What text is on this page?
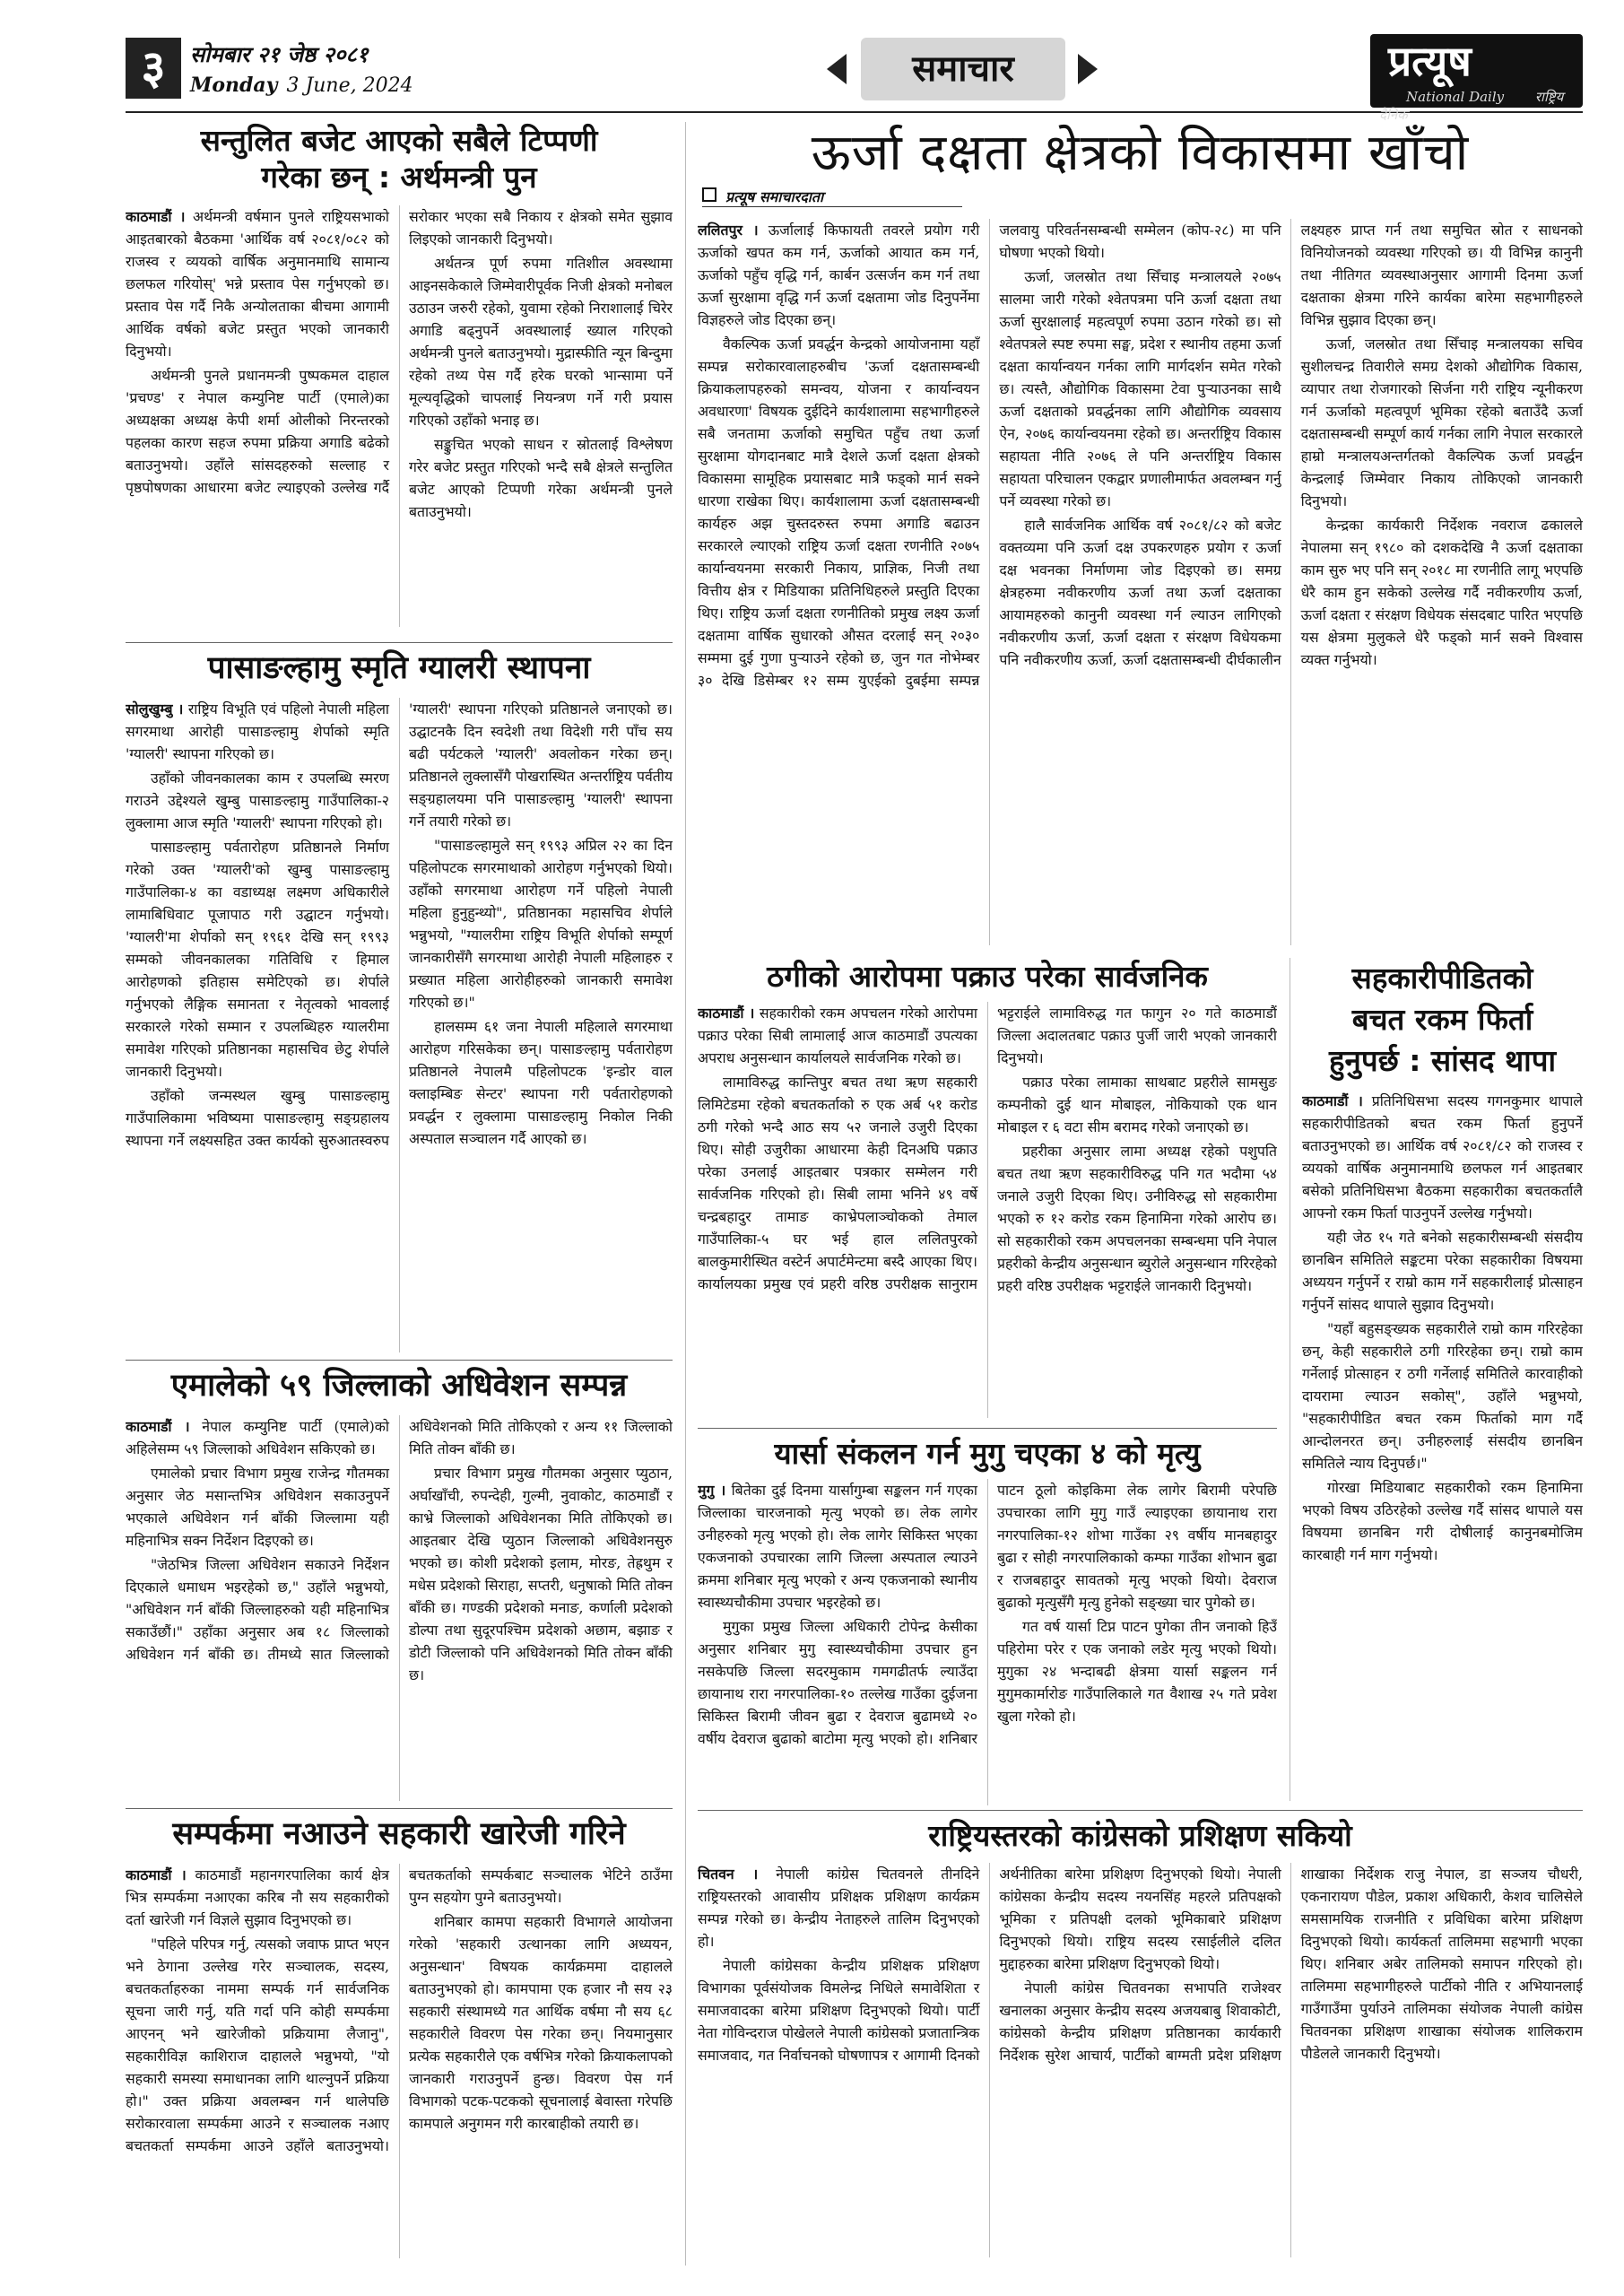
३	सोमबार २१ जेष्ठ २०८१
Monday 3 June, 2024	समाचार	प्रत्यूष
National Daily राष्ट्रिय दैनिक
सन्तुलित बजेट आएको सबैले टिप्पणी
गरेका छन् : अर्थमन्त्री पुन

काठमाडौं । अर्थमन्त्री वर्षमान पुनले राष्ट्रियसभाको आइतबारको बैठकमा 'आर्थिक वर्ष २०८१/०८२ को राजस्व र व्ययको वार्षिक अनुमानमाथि सामान्य छलफल गरियोस्' भन्ने प्रस्ताव पेस गर्नुभएको छ। प्रस्ताव पेस गर्दै निकै अन्योलताका बीचमा आगामी आर्थिक वर्षको बजेट प्रस्तुत भएको जानकारी दिनुभयो।

अर्थमन्त्री पुनले प्रधानमन्त्री पुष्पकमल दाहाल 'प्रचण्ड' र नेपाल कम्युनिष्ट पार्टी (एमाले)का अध्यक्षका अध्यक्ष केपी शर्मा ओलीको निरन्तरको पहलका कारण सहज रुपमा प्रक्रिया अगाडि बढेको बताउनुभयो। उहाँले सांसदहरुको सल्लाह र पृष्ठपोषणका आधारमा बजेट ल्याइएको उल्लेख गर्दै सरोकार भएका सबै निकाय र क्षेत्रको समेत सुझाव लिइएको जानकारी दिनुभयो।

अर्थतन्त्र पूर्ण रुपमा गतिशील अवस्थामा आइनसकेकाले जिम्मेवारीपूर्वक निजी क्षेत्रको मनोबल उठाउन जरुरी रहेको, युवामा रहेको निराशालाई चिरेर अगाडि बढ्नुपर्ने अवस्थालाई ख्याल गरिएको अर्थमन्त्री पुनले बताउनुभयो। मुद्रास्फीति न्यून बिन्दुमा रहेको तथ्य पेस गर्दै हरेक घरको भान्सामा पर्ने मूल्यवृद्धिको चापलाई नियन्त्रण गर्ने गरी प्रयास गरिएको उहाँको भनाइ छ।

सङ्कुचित भएको साधन र स्रोतलाई विश्लेषण गरेर बजेट प्रस्तुत गरिएको भन्दै सबै क्षेत्रले सन्तुलित बजेट आएको टिप्पणी गरेका अर्थमन्त्री पुनले बताउनुभयो।

पासाङल्हामु स्मृति ग्यालरी स्थापना

सोलुखुम्बु । राष्ट्रिय विभूति एवं पहिलो नेपाली महिला सगरमाथा आरोही पासाङल्हामु शेर्पाको स्मृति 'ग्यालरी' स्थापना गरिएको छ।

उहाँको जीवनकालका काम र उपलब्धि स्मरण गराउने उद्देश्यले खुम्बु पासाङल्हामु गाउँपालिका-२ लुक्लामा आज स्मृति 'ग्यालरी' स्थापना गरिएको हो।

पासाङल्हामु पर्वतारोहण प्रतिष्ठानले निर्माण गरेको उक्त 'ग्यालरी'को खुम्बु पासाङल्हामु गाउँपालिका-४ का वडाध्यक्ष लक्ष्मण अधिकारीले लामाबिधिवाट पूजापाठ गरी उद्घाटन गर्नुभयो। 'ग्यालरी'मा शेर्पाको सन् १९६१ देखि सन् १९९३ सम्मको जीवनकालका गतिविधि र हिमाल आरोहणको इतिहास समेटिएको छ। शेर्पाले गर्नुभएको लैङ्गिक समानता र नेतृत्वको भावलाई सरकारले गरेको सम्मान र उपलब्धिहरु ग्यालरीमा समावेश गरिएको प्रतिष्ठानका महासचिव छेटु शेर्पाले जानकारी दिनुभयो।

उहाँको जन्मस्थल खुम्बु पासाङल्हामु गाउँपालिकामा भविष्यमा पासाङल्हामु सङ्ग्रहालय स्थापना गर्ने लक्ष्यसहित उक्त कार्यको सुरुआतस्वरुप 'ग्यालरी' स्थापना गरिएको प्रतिष्ठानले जनाएको छ। उद्घाटनकै दिन स्वदेशी तथा विदेशी गरी पाँच सय बढी पर्यटकले 'ग्यालरी' अवलोकन गरेका छन्। प्रतिष्ठानले लुक्लासँगै पोखरास्थित अन्तर्राष्ट्रिय पर्वतीय सङ्ग्रहालयमा पनि पासाङल्हामु 'ग्यालरी' स्थापना गर्ने तयारी गरेको छ।

"पासाङल्हामुले सन् १९९३ अप्रिल २२ का दिन पहिलोपटक सगरमाथाको आरोहण गर्नुभएको थियो। उहाँको सगरमाथा आरोहण गर्ने पहिलो नेपाली महिला हुनुहुन्थ्यो", प्रतिष्ठानका महासचिव शेर्पाले भन्नुभयो, "ग्यालरीमा राष्ट्रिय विभूति शेर्पाको सम्पूर्ण जानकारीसँगै सगरमाथा आरोही नेपाली महिलाहरु र प्रख्यात महिला आरोहीहरुको जानकारी समावेश गरिएको छ।"

हालसम्म ६१ जना नेपाली महिलाले सगरमाथा आरोहण गरिसकेका छन्। पासाङल्हामु पर्वतारोहण प्रतिष्ठानले नेपालमै पहिलोपटक 'इन्डोर वाल क्लाइम्बिङ सेन्टर' स्थापना गरी पर्वतारोहणको प्रवर्द्धन र लुक्लामा पासाङल्हामु निकोल निकी अस्पताल सञ्चालन गर्दै आएको छ।

एमालेको ५९ जिल्लाको अधिवेशन सम्पन्न

काठमाडौं । नेपाल कम्युनिष्ट पार्टी (एमाले)को अहिलेसम्म ५९ जिल्लाको अधिवेशन सकिएको छ।

एमालेको प्रचार विभाग प्रमुख राजेन्द्र गौतमका अनुसार जेठ मसान्तभित्र अधिवेशन सकाउनुपर्ने भएकाले अधिवेशन गर्न बाँकी जिल्लामा यही महिनाभित्र सक्न निर्देशन दिइएको छ।

"जेठभित्र जिल्ला अधिवेशन सकाउने निर्देशन दिएकाले धमाधम भइरहेको छ," उहाँले भन्नुभयो, "अधिवेशन गर्न बाँकी जिल्लाहरुको यही महिनाभित्र सकाउँछौं।" उहाँका अनुसार अब १८ जिल्लाको अधिवेशन गर्न बाँकी छ। तीमध्ये सात जिल्लाको अधिवेशनको मिति तोकिएको र अन्य ११ जिल्लाको मिति तोक्न बाँकी छ।

प्रचार विभाग प्रमुख गौतमका अनुसार प्युठान, अर्घाखाँची, रुपन्देही, गुल्मी, नुवाकोट, काठमाडौं र काभ्रे जिल्लाको अधिवेशनका मिति तोकिएको छ। आइतबार देखि प्युठान जिल्लाको अधिवेशनसुरु भएको छ। कोशी प्रदेशको इलाम, मोरङ, तेह्रथुम र मधेस प्रदेशको सिराहा, सप्तरी, धनुषाको मिति तोक्न बाँकी छ। गण्डकी प्रदेशको मनाङ, कर्णाली प्रदेशको डोल्पा तथा सुदूरपश्चिम प्रदेशको अछाम, बझाङ र डोटी जिल्लाको पनि अधिवेशनको मिति तोक्न बाँकी छ।

सम्पर्कमा नआउने सहकारी खारेजी गरिने

काठमाडौं । काठमाडौं महानगरपालिका कार्य क्षेत्र भित्र सम्पर्कमा नआएका करिब नौ सय सहकारीको दर्ता खारेजी गर्न विज्ञले सुझाव दिनुभएको छ।

"पहिले परिपत्र गर्नु, त्यसको जवाफ प्राप्त भएन भने ठेगाना उल्लेख गरेर सञ्चालक, सदस्य, बचतकर्ताहरुका नाममा सम्पर्क गर्न सार्वजनिक सूचना जारी गर्नु, यति गर्दा पनि कोही सम्पर्कमा आएनन् भने खारेजीको प्रक्रियामा लैजानु", सहकारीविज्ञ काशिराज दाहालले भन्नुभयो, "यो सहकारी समस्या समाधानका लागि थाल्नुपर्ने प्रक्रिया हो।" उक्त प्रक्रिया अवलम्बन गर्न थालेपछि सरोकारवाला सम्पर्कमा आउने र सञ्चालक नआए बचतकर्ता सम्पर्कमा आउने उहाँले बताउनुभयो। बचतकर्ताको सम्पर्कबाट सञ्चालक भेटिने ठाउँमा पुग्न सहयोग पुग्ने बताउनुभयो।

शनिबार कामपा सहकारी विभागले आयोजना गरेको 'सहकारी उत्थानका लागि अध्ययन, अनुसन्धान' विषयक कार्यक्रममा दाहालले बताउनुभएको हो। कामपामा एक हजार नौ सय २३ सहकारी संस्थामध्ये गत आर्थिक वर्षमा नौ सय ६८ सहकारीले विवरण पेस गरेका छन्। नियमानुसार प्रत्येक सहकारीले एक वर्षभित्र गरेको क्रियाकलापको जानकारी गराउनुपर्ने हुन्छ। विवरण पेस गर्न विभागको पटक-पटकको सूचनालाई बेवास्ता गरेपछि कामपाले अनुगमन गरी कारबाहीको तयारी छ।

ऊर्जा दक्षता क्षेत्रको विकासमा खाँचो

ललितपुर । ऊर्जालाई किफायती तवरले प्रयोग गरी ऊर्जाको खपत कम गर्न, ऊर्जाको आयात कम गर्न, ऊर्जाको पहुँच वृद्धि गर्न, कार्बन उत्सर्जन कम गर्न तथा ऊर्जा सुरक्षामा वृद्धि गर्न ऊर्जा दक्षतामा जोड दिनुपर्नेमा विज्ञहरुले जोड दिएका छन्।

वैकल्पिक ऊर्जा प्रवर्द्धन केन्द्रको आयोजनामा यहाँ सम्पन्न सरोकारवालाहरुबीच 'ऊर्जा दक्षतासम्बन्धी क्रियाकलापहरुको समन्वय, योजना र कार्यान्वयन अवधारणा' विषयक दुईदिने कार्यशालामा सहभागीहरुले सबै जनतामा ऊर्जाको समुचित पहुँच तथा ऊर्जा सुरक्षामा योगदानबाट मात्रै देशले ऊर्जा दक्षता क्षेत्रको विकासमा सामूहिक प्रयासबाट मात्रै फड्को मार्न सक्ने धारणा राखेका थिए। कार्यशालामा ऊर्जा दक्षतासम्बन्धी कार्यहरु अझ चुस्तदरुस्त रुपमा अगाडि बढाउन सरकारले ल्याएको राष्ट्रिय ऊर्जा दक्षता रणनीति २०७५ कार्यान्वयनमा सरकारी निकाय, प्राज्ञिक, निजी तथा वित्तीय क्षेत्र र मिडियाका प्रतिनिधिहरुले प्रस्तुति दिएका थिए। राष्ट्रिय ऊर्जा दक्षता रणनीतिको प्रमुख लक्ष्य ऊर्जा दक्षतामा वार्षिक सुधारको औसत दरलाई सन् २०३० सम्ममा दुई गुणा पुऱ्याउने रहेको छ, जुन गत नोभेम्बर ३० देखि डिसेम्बर १२ सम्म युएईको दुबईमा सम्पन्न जलवायु परिवर्तनसम्बन्धी सम्मेलन (कोप-२८) मा पनि घोषणा भएको थियो।

ऊर्जा, जलस्रोत तथा सिँचाइ मन्त्रालयले २०७५ सालमा जारी गरेको श्वेतपत्रमा पनि ऊर्जा दक्षता तथा ऊर्जा सुरक्षालाई महत्वपूर्ण रुपमा उठान गरेको छ। सो श्वेतपत्रले स्पष्ट रुपमा सङ्घ, प्रदेश र स्थानीय तहमा ऊर्जा दक्षता कार्यान्वयन गर्नका लागि मार्गदर्शन समेत गरेको छ। त्यस्तै, औद्योगिक विकासमा टेवा पुऱ्याउनका साथै ऊर्जा दक्षताको प्रवर्द्धनका लागि औद्योगिक व्यवसाय ऐन, २०७६ कार्यान्वयनमा रहेको छ। अन्तर्राष्ट्रिय विकास सहायता नीति २०७६ ले पनि अन्तर्राष्ट्रिय विकास सहायता परिचालन एकद्वार प्रणालीमार्फत अवलम्बन गर्नु पर्ने व्यवस्था गरेको छ।

हालै सार्वजनिक आर्थिक वर्ष २०८१/८२ को बजेट वक्तव्यमा पनि ऊर्जा दक्ष उपकरणहरु प्रयोग र ऊर्जा दक्ष भवनका निर्माणमा जोड दिइएको छ। समग्र क्षेत्रहरुमा नवीकरणीय ऊर्जा तथा ऊर्जा दक्षताका आयामहरुको कानुनी व्यवस्था गर्न ल्याउन लागिएको नवीकरणीय ऊर्जा, ऊर्जा दक्षता र संरक्षण विधेयकमा पनि नवीकरणीय ऊर्जा, ऊर्जा दक्षतासम्बन्धी दीर्घकालीन लक्ष्यहरु प्राप्त गर्न तथा समुचित स्रोत र साधनको विनियोजनको व्यवस्था गरिएको छ। यी विभिन्न कानुनी तथा नीतिगत व्यवस्थाअनुसार आगामी दिनमा ऊर्जा दक्षताका क्षेत्रमा गरिने कार्यका बारेमा सहभागीहरुले विभिन्न सुझाव दिएका छन्।

ऊर्जा, जलस्रोत तथा सिँचाइ मन्त्रालयका सचिव सुशीलचन्द्र तिवारीले समग्र देशको औद्योगिक विकास, व्यापार तथा रोजगारको सिर्जना गरी राष्ट्रिय न्यूनीकरण गर्न ऊर्जाको महत्वपूर्ण भूमिका रहेको बताउँदै ऊर्जा दक्षतासम्बन्धी सम्पूर्ण कार्य गर्नका लागि नेपाल सरकारले हाम्रो मन्त्रालयअन्तर्गतको वैकल्पिक ऊर्जा प्रवर्द्धन केन्द्रलाई जिम्मेवार निकाय तोकिएको जानकारी दिनुभयो।

केन्द्रका कार्यकारी निर्देशक नवराज ढकालले नेपालमा सन् १९८० को दशकदेखि नै ऊर्जा दक्षताका काम सुरु भए पनि सन् २०१८ मा रणनीति लागू भएपछि धेरै काम हुन सकेको उल्लेख गर्दै नवीकरणीय ऊर्जा, ऊर्जा दक्षता र संरक्षण विधेयक संसदबाट पारित भएपछि यस क्षेत्रमा मुलुकले धेरै फड्को मार्न सक्ने विश्वास व्यक्त गर्नुभयो।

प्रत्यूष समाचारदाता
ठगीको आरोपमा पक्राउ परेका सार्वजनिक

काठमाडौं । सहकारीको रकम अपचलन गरेको आरोपमा पक्राउ परेका सिबी लामालाई आज काठमाडौं उपत्यका अपराध अनुसन्धान कार्यालयले सार्वजनिक गरेको छ।

लामाविरुद्ध कान्तिपुर बचत तथा ऋण सहकारी लिमिटेडमा रहेको बचतकर्ताको रु एक अर्ब ५१ करोड ठगी गरेको भन्दै आठ सय ५२ जनाले उजुरी दिएका थिए। सोही उजुरीका आधारमा केही दिनअघि पक्राउ परेका उनलाई आइतबार पत्रकार सम्मेलन गरी सार्वजनिक गरिएको हो। सिबी लामा भनिने ४९ वर्षे चन्द्रबहादुर तामाङ काभ्रेपलाञ्चोकको तेमाल गाउँपालिका-५ घर भई हाल ललितपुरको बालकुमारीस्थित वस्टेर्न अपार्टमेन्टमा बस्दै आएका थिए। कार्यालयका प्रमुख एवं प्रहरी वरिष्ठ उपरीक्षक सानुराम भट्टराईले लामाविरुद्ध गत फागुन २० गते काठमाडौं जिल्ला अदालतबाट पक्राउ पुर्जी जारी भएको जानकारी दिनुभयो।

पक्राउ परेका लामाका साथबाट प्रहरीले सामसुङ कम्पनीको दुई थान मोबाइल, नोकियाको एक थान मोबाइल र ६ वटा सीम बरामद गरेको जनाएको छ।

प्रहरीका अनुसार लामा अध्यक्ष रहेको पशुपति बचत तथा ऋण सहकारीविरुद्ध पनि गत भदौमा ५४ जनाले उजुरी दिएका थिए। उनीविरुद्ध सो सहकारीमा भएको रु १२ करोड रकम हिनामिना गरेको आरोप छ। सो सहकारीको रकम अपचलनका सम्बन्धमा पनि नेपाल प्रहरीको केन्द्रीय अनुसन्धान ब्युरोले अनुसन्धान गरिरहेको प्रहरी वरिष्ठ उपरीक्षक भट्टराईले जानकारी दिनुभयो।

यार्सा संकलन गर्न मुगु चएका ४ को मृत्यु

मुगु । बितेका दुई दिनमा यार्सागुम्बा सङ्कलन गर्न गएका जिल्लाका चारजनाको मृत्यु भएको छ। लेक लागेर उनीहरुको मृत्यु भएको हो। लेक लागेर सिकिस्त भएका एकजनाको उपचारका लागि जिल्ला अस्पताल ल्याउने क्रममा शनिबार मृत्यु भएको र अन्य एकजनाको स्थानीय स्वास्थ्यचौकीमा उपचार भइरहेको छ।

मुगुका प्रमुख जिल्ला अधिकारी टोपेन्द्र केसीका अनुसार शनिबार मुगु स्वास्थ्यचौकीमा उपचार हुन नसकेपछि जिल्ला सदरमुकाम गमगढीतर्फ ल्याउँदा छायानाथ रारा नगरपालिका-१० तल्लेख गाउँका दुईजना सिकिस्त बिरामी जीवन बुढा र देवराज बुढामध्ये २० वर्षीय देवराज बुढाको बाटोमा मृत्यु भएको हो। शनिबार पाटन ठूलो कोइकिमा लेक लागेर बिरामी परेपछि उपचारका लागि मुगु गाउँ ल्याइएका छायानाथ रारा नगरपालिका-१२ शोभा गाउँका २९ वर्षीय मानबहादुर बुढा र सोही नगरपालिकाको कम्फा गाउँका शोभान बुढा र राजबहादुर सावतको मृत्यु भएको थियो। देवराज बुढाको मृत्युसँगै मृत्यु हुनेको सङ्ख्या चार पुगेको छ।

गत वर्ष यार्सा टिप्न पाटन पुगेका तीन जनाको हिउँ पहिरोमा परेर र एक जनाको लडेर मृत्यु भएको थियो। मुगुका २४ भन्दाबढी क्षेत्रमा यार्सा सङ्कलन गर्न मुगुमकार्मारोङ गाउँपालिकाले गत वैशाख २५ गते प्रवेश खुला गरेको हो।

सहकारीपीडितको
बचत रकम फिर्ता
हुनुपर्छ : सांसद थापा

काठमाडौं । प्रतिनिधिसभा सदस्य गगनकुमार थापाले सहकारीपीडितको बचत रकम फिर्ता हुनुपर्ने बताउनुभएको छ। आर्थिक वर्ष २०८१/८२ को राजस्व र व्ययको वार्षिक अनुमानमाथि छलफल गर्न आइतबार बसेको प्रतिनिधिसभा बैठकमा सहकारीका बचतकर्तालै आफ्नो रकम फिर्ता पाउनुपर्ने उल्लेख गर्नुभयो।

यही जेठ १५ गते बनेको सहकारीसम्बन्धी संसदीय छानबिन समितिले सङ्कटमा परेका सहकारीका विषयमा अध्ययन गर्नुपर्ने र राम्रो काम गर्ने सहकारीलाई प्रोत्साहन गर्नुपर्ने सांसद थापाले सुझाव दिनुभयो।

"यहाँ बहुसङ्ख्यक सहकारीले राम्रो काम गरिरहेका छन्, केही सहकारीले ठगी गरिरहेका छन्। राम्रो काम गर्नेलाई प्रोत्साहन र ठगी गर्नेलाई समितिले कारवाहीको दायरामा ल्याउन सकोस्", उहाँले भन्नुभयो, "सहकारीपीडित बचत रकम फिर्ताको माग गर्दै आन्दोलनरत छन्। उनीहरुलाई संसदीय छानबिन समितिले न्याय दिनुपर्छ।"

गोरखा मिडियाबाट सहकारीको रकम हिनामिना भएको विषय उठिरहेको उल्लेख गर्दै सांसद थापाले यस विषयमा छानबिन गरी दोषीलाई कानुनबमोजिम कारबाही गर्न माग गर्नुभयो।

राष्ट्रियस्तरको कांग्रेसको प्रशिक्षण सकियो

चितवन । नेपाली कांग्रेस चितवनले तीनदिने राष्ट्रियस्तरको आवासीय प्रशिक्षक प्रशिक्षण कार्यक्रम सम्पन्न गरेको छ। केन्द्रीय नेताहरुले तालिम दिनुभएको हो।

नेपाली कांग्रेसका केन्द्रीय प्रशिक्षक प्रशिक्षण विभागका पूर्वसंयोजक विमलेन्द्र निधिले समावेशिता र समाजवादका बारेमा प्रशिक्षण दिनुभएको थियो। पार्टी नेता गोविन्दराज पोखेलले नेपाली कांग्रेसको प्रजातान्त्रिक समाजवाद, गत निर्वाचनको घोषणापत्र र आगामी दिनको अर्थनीतिका बारेमा प्रशिक्षण दिनुभएको थियो। नेपाली कांग्रेसका केन्द्रीय सदस्य नयनसिंह महरले प्रतिपक्षको भूमिका र प्रतिपक्षी दलको भूमिकाबारे प्रशिक्षण दिनुभएको थियो। राष्ट्रिय सदस्य रसाईलीले दलित मुद्दाहरुका बारेमा प्रशिक्षण दिनुभएको थियो।

नेपाली कांग्रेस चितवनका सभापति राजेश्वर खनालका अनुसार केन्द्रीय सदस्य अजयबाबु शिवाकोटी, कांग्रेसको केन्द्रीय प्रशिक्षण प्रतिष्ठानका कार्यकारी निर्देशक सुरेश आचार्य, पार्टीको बाग्मती प्रदेश प्रशिक्षण शाखाका निर्देशक राजु नेपाल, डा सञ्जय चौधरी, एकनारायण पौडेल, प्रकाश अधिकारी, केशव चालिसेले समसामयिक राजनीति र प्रविधिका बारेमा प्रशिक्षण दिनुभएको थियो। कार्यकर्ता तालिममा सहभागी भएका थिए। शनिबार अबेर तालिमको समापन गरिएको हो। तालिममा सहभागीहरुले पार्टीको नीति र अभियानलाई गाउँगाउँमा पुर्याउने तालिमका संयोजक नेपाली कांग्रेस चितवनका प्रशिक्षण शाखाका संयोजक शालिकराम पौडेलले जानकारी दिनुभयो।
